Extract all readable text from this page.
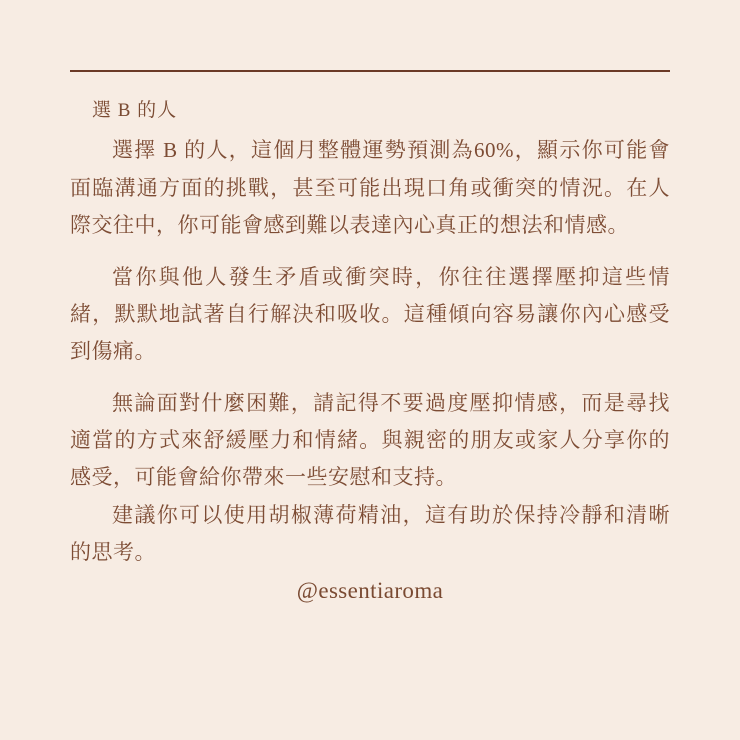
選 B 的人

選擇 B 的人，這個月整體運勢預測為60%，顯示你可能會面臨溝通方面的挑戰，甚至可能出現口角或衝突的情況。在人際交往中，你可能會感到難以表達內心真正的想法和情感。

當你與他人發生矛盾或衝突時，你往往選擇壓抑這些情緒，默默地試著自行解決和吸收。這種傾向容易讓你內心感受到傷痛。

無論面對什麼困難，請記得不要過度壓抑情感，而是尋找適當的方式來舒緩壓力和情緒。與親密的朋友或家人分享你的感受，可能會給你帶來一些安慰和支持。

建議你可以使用胡椒薄荷精油，這有助於保持冷靜和清晰的思考。

@essentiaroma
